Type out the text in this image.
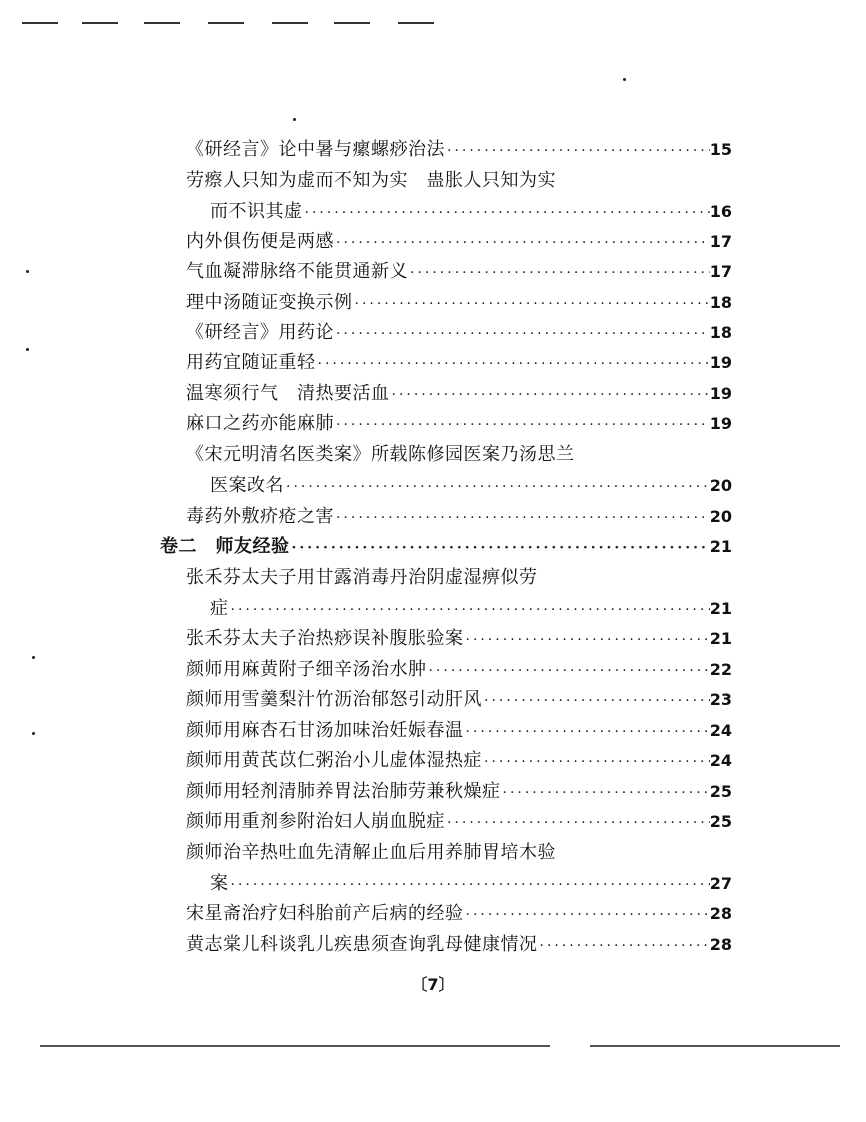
《研经言》论中暑与瘰螺痧治法 ·····	15
劳瘵人只知为虚而不知为实　蛊胀人只知为实
而不识其虚 ·····	16
内外俱伤便是两感 ·····	17
气血凝滞脉络不能贯通新义 ·····	17
理中汤随证变换示例 ·····	18
《研经言》用药论 ·····	18
用药宜随证重轻 ·····	19
温寒须行气　清热要活血 ·····	19
麻口之药亦能麻肺 ·····	19
《宋元明清名医类案》所载陈修园医案乃汤思兰
医案改名 ·····	20
毒药外敷疥疮之害 ·····	20
卷二　师友经验 ·····	21
张禾芬太夫子用甘露消毒丹治阴虚湿痹似劳
症 ·····	21
张禾芬太夫子治热痧误补腹胀验案 ·····	21
颜师用麻黄附子细辛汤治水肿 ·····	22
颜师用雪羹梨汁竹沥治郁怒引动肝风 ·····	23
颜师用麻杏石甘汤加味治妊娠春温 ·····	24
颜师用黄芪苡仁粥治小儿虚体湿热症 ·····	24
颜师用轻剂清肺养胃法治肺劳兼秋燥症 ·····	25
颜师用重剂参附治妇人崩血脱症 ·····	25
颜师治辛热吐血先清解止血后用养肺胃培木验
案 ·····	27
宋星斋治疗妇科胎前产后病的经验 ·····	28
黄志棠儿科谈乳儿疾患须查询乳母健康情况 ·····	28
〔7〕
